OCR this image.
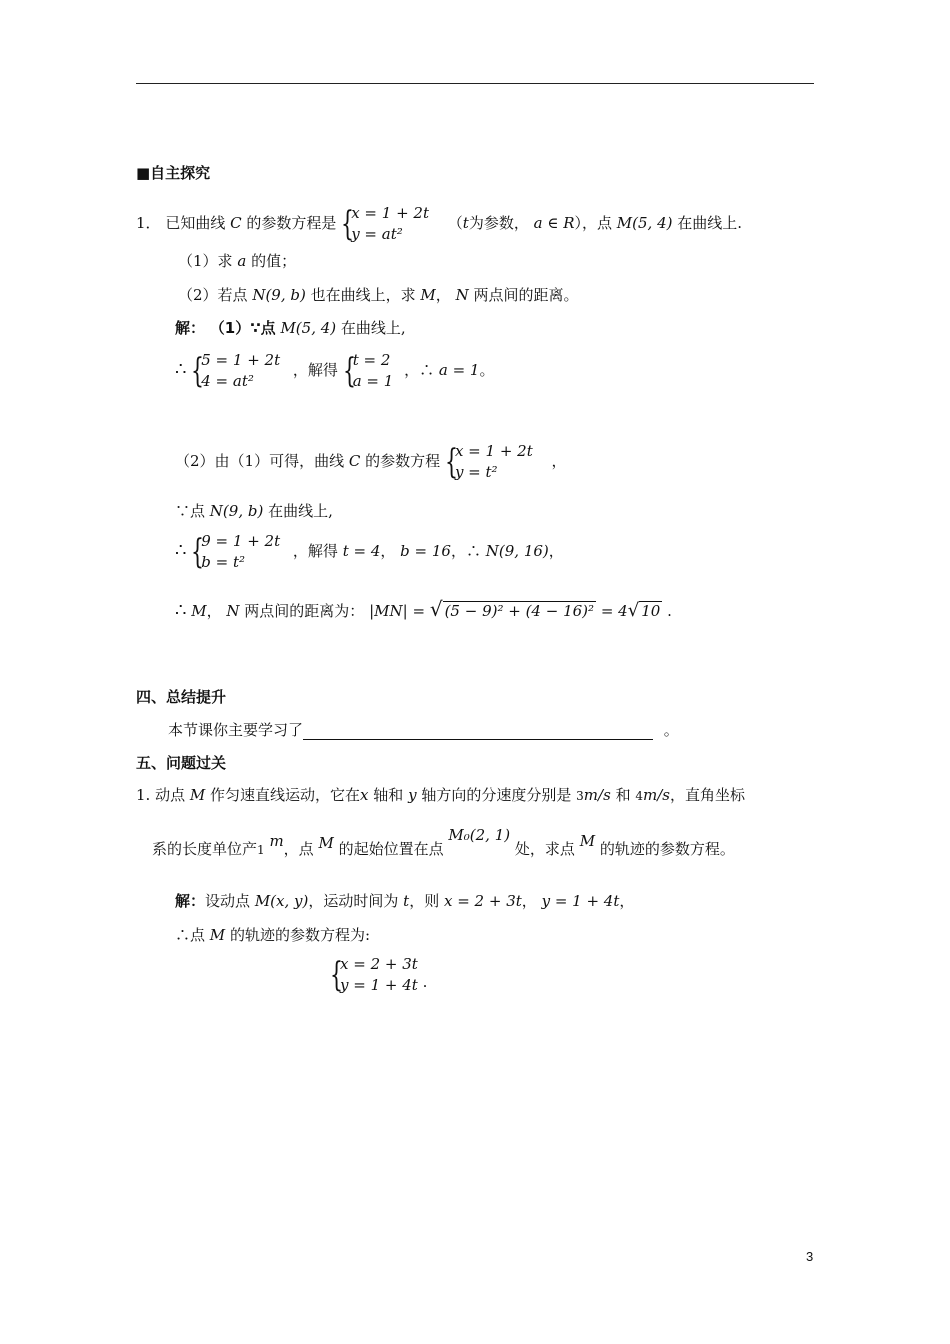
■自主探究
1． 已知曲线 C 的参数方程是 {
x = 1 + 2t
y = at²
（t为参数， a ∈ R），点 M(5, 4) 在曲线上.
（1）求 a 的值；
（2）若点 N(9, b) 也在曲线上，求 M， N 两点间的距离。
解： （1）∵点 M(5, 4) 在曲线上,
∴ {
5 = 1 + 2t
4 = at²
，解得 {
t = 2
a = 1
，∴ a = 1。
（2）由（1）可得，曲线 C 的参数方程 {
x = 1 + 2t
y = t²
，
∵点 N(9, b) 在曲线上,
∴ {
9 = 1 + 2t
b = t²
，解得 t = 4， b = 16，∴ N(9, 16)，
∴ M， N 两点间的距离为： |MN| = √ (5 − 9)² + (4 − 16)² = 4√ 10 .
四、总结提升
本节课你主要学习了	。
五、问题过关
1. 动点 M 作匀速直线运动，它在x 轴和 y 轴方向的分速度分别是 3m/s 和 4m/s，直角坐标
系的长度单位产1 m，点 M 的起始位置在点 M₀(2, 1) 处，求点 M 的轨迹的参数方程。
解：设动点 M(x, y)，运动时间为 t，则 x = 2 + 3t， y = 1 + 4t，
∴点 M 的轨迹的参数方程为:
{
x = 2 + 3t
y = 1 + 4t .
3
